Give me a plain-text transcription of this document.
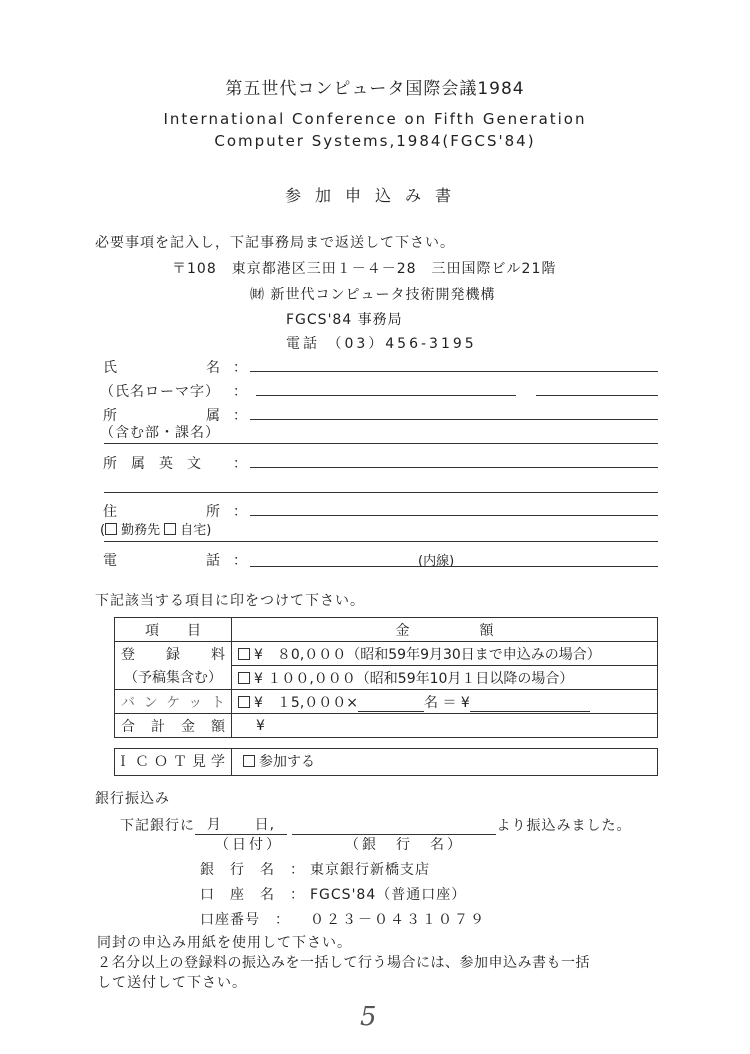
第五世代コンピュータ国際会議1984
International Conference on Fifth Generation
Computer Systems,1984(FGCS'84)
参加申込み書
必要事項を記入し，下記事務局まで返送して下さい。
〒108　東京都港区三田１－４－28　三田国際ビル21階
㈶ 新世代コンピュータ技術開発機構
FGCS'84 事務局
電話 （03）456-3195
氏	名 ：
（氏名ローマ字） ：
所	属 ：
（含む部・課名）
所　属　英　文 ：
住	所 ：
( 勤務先 自宅)
電	話 ：	(内線)
下記該当する項目に印をつけて下さい。
項　　目	金　　　　　額
登　録　料	¥　８0,０００（昭和59年9月30日まで申込みの場合）
（予稿集含む）	¥ １００,０００（昭和59年10月１日以降の場合）
バンケット	¥　１5,０００× 名 ＝ ¥
合計金額	¥
ＩＣＯＴ見学	参加する
銀行振込み
下記銀行に 月 日,	より振込みました。
（日付）	（銀　行　名）
銀　行　名　： 東京銀行新橋支店
口　座　名　： FGCS'84（普通口座）
口座番号　： ０２３－０４３１０７９
同封の申込み用紙を使用して下さい。
２名分以上の登録料の振込みを一括して行う場合には、参加申込み書も一括
して送付して下さい。
5
